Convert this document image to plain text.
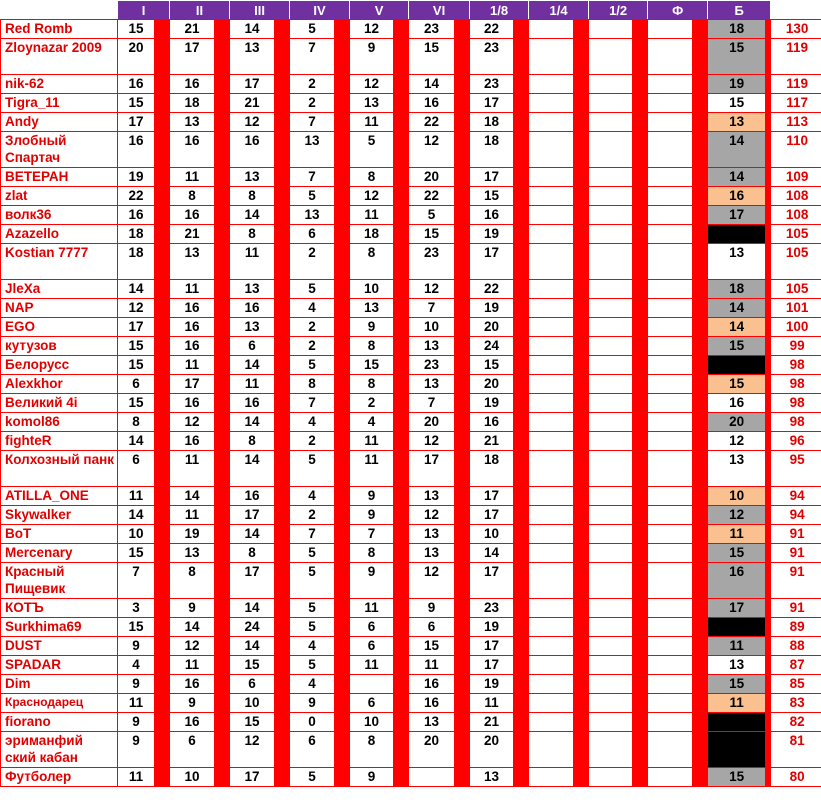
	I		II		III		IV		V		VI		1/8		1/4		1/2		Ф		Б		
Red Romb	15		21		14		5		12		23		22								18		130
Zloynazar 2009	20		17		13		7		9		15		23								15		119
nik-62	16		16		17		2		12		14		23								19		119
Tigra_11	15		18		21		2		13		16		17								15		117
Andy	17		13		12		7		11		22		18								13		113
Злобный Спартач	16		16		16		13		5		12		18								14		110
ВЕТЕРАН	19		11		13		7		8		20		17								14		109
zlat	22		8		8		5		12		22		15								16		108
волк36	16		16		14		13		11		5		16								17		108
Azazello	18		21		8		6		18		15		19										105
Kostian 7777	18		13		11		2		8		23		17								13		105
JleXa	14		11		13		5		10		12		22								18		105
NAP	12		16		16		4		13		7		19								14		101
EGO	17		16		13		2		9		10		20								14		100
кутузов	15		16		6		2		8		13		24								15		99
Белорусс	15		11		14		5		15		23		15										98
Alexkhor	6		17		11		8		8		13		20								15		98
Великий 4i	15		16		16		7		2		7		19								16		98
komol86	8		12		14		4		4		20		16								20		98
fighteR	14		16		8		2		11		12		21								12		96
Колхозный панк	6		11		14		5		11		17		18								13		95
ATILLA_ONE	11		14		16		4		9		13		17								10		94
Skywalker	14		11		17		2		9		12		17								12		94
BoT	10		19		14		7		7		13		10								11		91
Mercenary	15		13		8		5		8		13		14								15		91
Красный Пищевик	7		8		17		5		9		12		17								16		91
КОТЪ	3		9		14		5		11		9		23								17		91
Surkhima69	15		14		24		5		6		6		19										89
DUST	9		12		14		4		6		15		17								11		88
SPADAR	4		11		15		5		11		11		17								13		87
Dim	9		16		6		4				16		19								15		85
Краснодарец	11		9		10		9		6		16		11								11		83
fiorano	9		16		15		0		10		13		21										82
эриманфий ский кабан	9		6		12		6		8		20		20										81
Футболер	11		10		17		5		9				13								15		80
